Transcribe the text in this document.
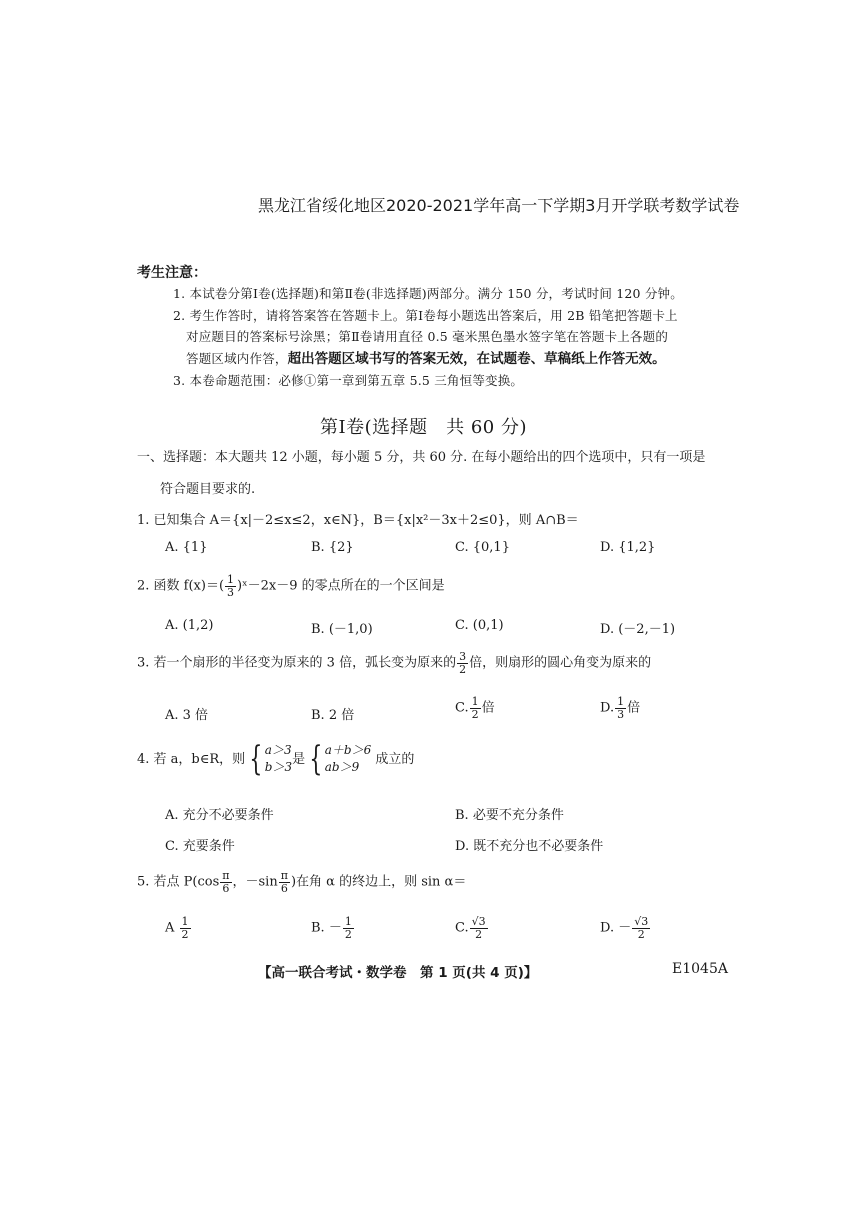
黑龙江省绥化地区2020-2021学年高一下学期3月开学联考数学试卷
考生注意：
1. 本试卷分第Ⅰ卷(选择题)和第Ⅱ卷(非选择题)两部分。满分 150 分，考试时间 120 分钟。
2. 考生作答时，请将答案答在答题卡上。第Ⅰ卷每小题选出答案后，用 2B 铅笔把答题卡上
对应题目的答案标号涂黑；第Ⅱ卷请用直径 0.5 毫米黑色墨水签字笔在答题卡上各题的
答题区域内作答，超出答题区域书写的答案无效，在试题卷、草稿纸上作答无效。
3. 本卷命题范围：必修①第一章到第五章 5.5 三角恒等变换。
第Ⅰ卷(选择题　共 60 分)
一、选择题：本大题共 12 小题，每小题 5 分，共 60 分. 在每小题给出的四个选项中，只有一项是
符合题目要求的.
1. 已知集合 A＝{x|－2≤x≤2，x∈N}，B＝{x|x²－3x＋2≤0}，则 A∩B＝
A. {1}	B. {2}	C. {0,1}	D. {1,2}
2. 函数 $f(x)=( \frac{1}{3}$ )ˣ－2x－9 的零点所在的一个区间是
A. (1,2)	B. (－1,0)	C. (0,1)	D. (－2,－1)
3. 若一个扇形的半径变为原来的 3 倍，弧长变为原来的 $\frac{3}{2}$ 倍，则扇形的圆心角变为原来的
A. 3 倍	B. 2 倍	C. $\frac{1}{2}$ 倍	D. $\frac{1}{3}$ 倍
4. 若 a，b∈R，则 { a＞3
b＞3
是 { a＋b＞6
ab＞9
成立的
A. 充分不必要条件	B. 必要不充分条件
C. 充要条件	D. 既不充分也不必要条件
5. 若点 $P(\cos \frac{\pi}{6}$ ，$-\sin \frac{\pi}{6}$ )在角 α 的终边上，则 sin α＝
A $\frac{1}{2}$	B. － $\frac{1}{2}$	C. $\frac{√3}{2}$	D. － $\frac{√3}{2}$
【高一联合考试・数学卷　第 1 页(共 4 页)】	E1045A
